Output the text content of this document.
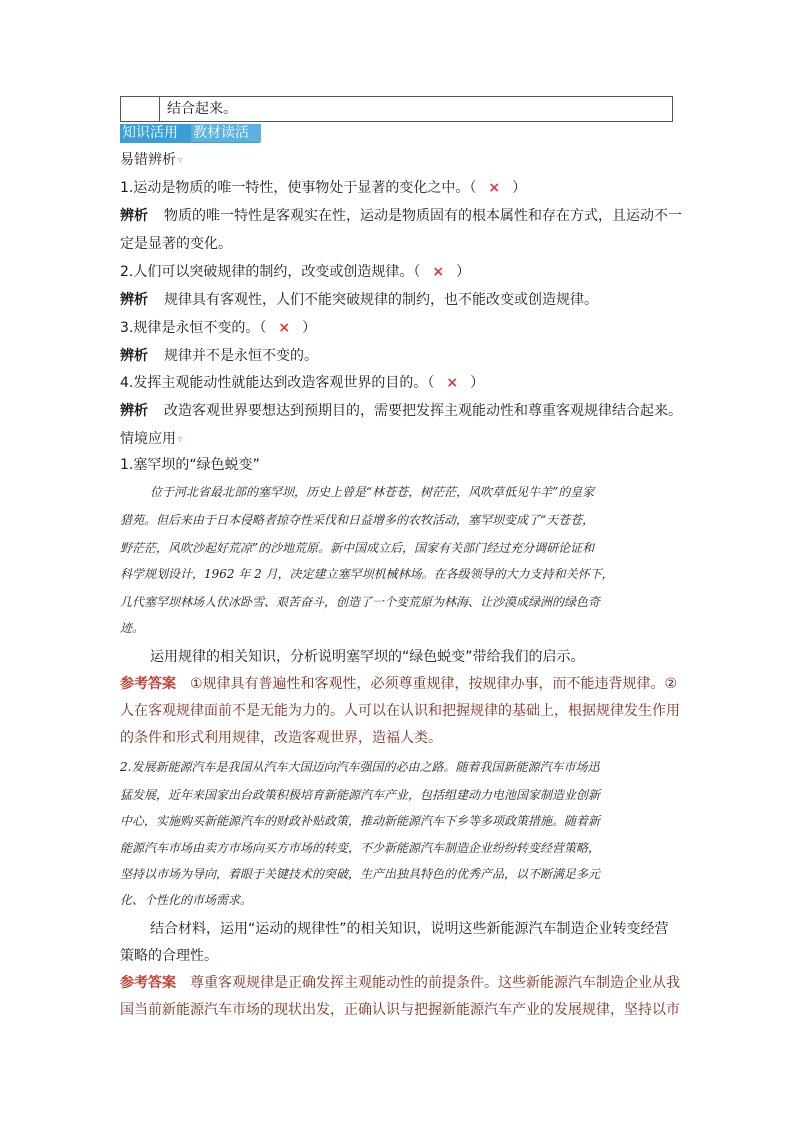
结合起来。
知识活用	教材读活
易错辨析 ▿
1.运动是物质的唯一特性，使事物处于显著的变化之中。（ × ）
辨析 物质的唯一特性是客观实在性，运动是物质固有的根本属性和存在方式，且运动不一
定是显著的变化。
2.人们可以突破规律的制约，改变或创造规律。（ × ）
辨析 规律具有客观性，人们不能突破规律的制约，也不能改变或创造规律。
3.规律是永恒不变的。（ × ）
辨析 规律并不是永恒不变的。
4.发挥主观能动性就能达到改造客观世界的目的。（ × ）
辨析 改造客观世界要想达到预期目的，需要把发挥主观能动性和尊重客观规律结合起来。
情境应用 ▿
1.塞罕坝的“绿色蜕变”
位于河北省最北部的塞罕坝，历史上曾是“林苍苍，树茫茫，风吹草低见牛羊”的皇家
猎苑。但后来由于日本侵略者掠夺性采伐和日益增多的农牧活动，塞罕坝变成了“天苍苍，
野茫茫，风吹沙起好荒凉”的沙地荒原。新中国成立后，国家有关部门经过充分调研论证和
科学规划设计，1962 年 2 月，决定建立塞罕坝机械林场。在各级领导的大力支持和关怀下，
几代塞罕坝林场人伏冰卧雪、艰苦奋斗，创造了一个变荒原为林海、让沙漠成绿洲的绿色奇
迹。
运用规律的相关知识，分析说明塞罕坝的“绿色蜕变”带给我们的启示。
参考答案 ①规律具有普遍性和客观性，必须尊重规律，按规律办事，而不能违背规律。②
人在客观规律面前不是无能为力的。人可以在认识和把握规律的基础上，根据规律发生作用
的条件和形式利用规律，改造客观世界，造福人类。
2.发展新能源汽车是我国从汽车大国迈向汽车强国的必由之路。随着我国新能源汽车市场迅
猛发展，近年来国家出台政策积极培育新能源汽车产业，包括组建动力电池国家制造业创新
中心，实施购买新能源汽车的财政补贴政策，推动新能源汽车下乡等多项政策措施。随着新
能源汽车市场由卖方市场向买方市场的转变，不少新能源汽车制造企业纷纷转变经营策略，
坚持以市场为导向，着眼于关键技术的突破，生产出独具特色的优秀产品，以不断满足多元
化、个性化的市场需求。
结合材料，运用“运动的规律性”的相关知识，说明这些新能源汽车制造企业转变经营
策略的合理性。
参考答案 尊重客观规律是正确发挥主观能动性的前提条件。这些新能源汽车制造企业从我
国当前新能源汽车市场的现状出发，正确认识与把握新能源汽车产业的发展规律，坚持以市
